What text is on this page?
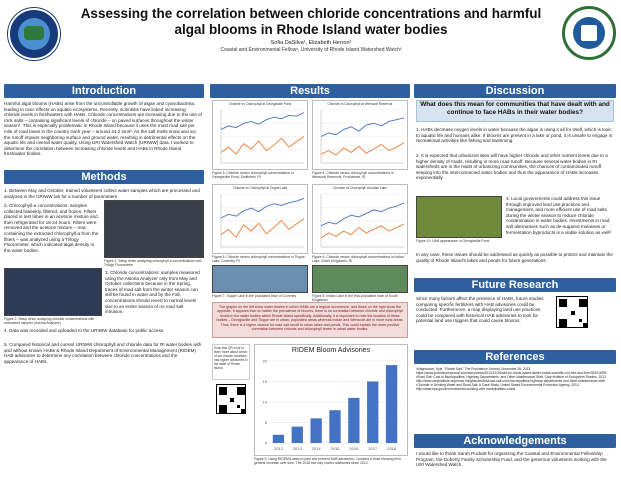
Assessing the correlation between chloride concentrations and harmful algal blooms in Rhode Island water bodies
Sofia DaSilva¹, Elizabeth Herron²
Coastal and Environmental Fellow¹, University of Rhode Island Watershed Watch²
Introduction
Harmful algal blooms (HABs) arise from the uncontrollable growth of algae and cyanobacteria, leading to toxic effects on aquatic ecosystems. Recently, scientists have linked increasing chloride levels in freshwaters with HABs. Chloride concentrations are increasing due to the use of rock salts – containing significant levels of chloride – on paved surfaces throughout the winter season¹. This is especially problematic in Rhode Island because it uses the most road salt per mile of road lanes in the country each year – around 44.2 tons². As the salt melts snow and ice, the runoff impairs neighboring surface and ground water, resulting in detrimental effects on the aquatic life and overall water quality. Using URI Watershed Watch (URIWW) data, I worked to determine the correlation between increasing chloride levels and HABs in Rhode Island freshwater bodies.
Methods
1. Between May and October, trained volunteers collect water samples which are processed and analyzed in the URIWW lab for a number of parameters.
2. Chlorophyll-a concentrations: samples collected biweekly, filtered, and frozen. Filters placed in test tubes in an acetone mixture and then refrigerated for 18-24 hours. Filters were removed and the acetone mixture – now containing the extracted chlorophyll-a from the filters – was analyzed using a Trilogy Fluorometer, which indicated algal density in the water bodies.
Figure 1: Setup when analyzing chlorophyll-a concentrations with Trilogy Fluorometer
Figure 2: Setup when analyzing chloride concentrations with automated sampler (Astoria Analyzer)
3. Chloride concentrations: samples measured using the Astoria Analyzer only from May and October collections because in the Spring, traces of road salt from the winter season can still be found in water and by the Fall, concentrations should revert to normal levels due to an entire season of no road salt intrusion.
4. Data was recorded and uploaded to the URIWW database for public access.
5. Compared historical and current URIWW chlorophyll and chloride data for RI water bodies with and without known HABs & Rhode Island Department of Environmental Management (RIDEM) HAB advisories to determine any correlation between chloride concentrations and the appearance of HABs.
Results
Chloride vs Chlorophyll at Georgiaville Pond
Figure 3: Chloride versus chlorophyll concentrations in Georgiaville Pond, Smithfield, RI
Chloride vs Chlorophyll at Wenscott Reservoir
Figure 4: Chloride versus chlorophyll concentrations in Wenscott Reservoir, Providence, RI
Chloride vs Chlorophyll at Tiogue Lake
Figure 5: Chloride versus chlorophyll concentrations in Tiogue Lake, Coventry, RI
Chloride vs Chlorophyll at Indian Lake
Figure 6: Chloride versus chlorophyll concentrations in Indian Lake, South Kingstown, RI
Figure 7: Tiogue Lake in the populated town of Coventry	Figure 8: Indian Lake in the less-populated town of South Kingstown
The graphs on the left show water bodies in which HABs are a regular occurrence, and those on the right show the opposite. It appears that no matter the prevalence of blooms, there is no correlation between chloride and chlorophyll levels in the water bodies within Rhode Island specifically. Additionally, it is important to note the location of these bodies – Georgiaville and Tiogue are in urban, populated areas whereas Indian and Wenscott are in more rural areas. Thus, there is a higher chance for road salt runoff to urban lakes and ponds. This could explain the more positive correlation between chloride and chlorophyll levels in urban water bodies.
Scan this QR code to learn more about which of our chosen locations had higher advisories in the state of Rhode Island.
RIDEM Bloom Advisories
20
15
10
5
0
2012 2013 2014 2015 2016 2017 2018
Figure 9: Using RIDEM's data on past and present HAB advisories, I created a chart showing their general increase over time. The 2018 bar only covers advisories since 2012.
Discussion
What does this mean for communities that have dealt with and continue to face HABs in their water bodies?
1. HABs decrease oxygen levels in water because the algae is using it all for itself, which is toxic to aquatic life and humans alike. If blooms are present in a lake or pond, it is unsafe to engage in recreational activities like fishing and swimming.
2. It is expected that urbanized sites will have higher chloride and other nutrient levels due to a higher density of roads, resulting in more road runoff. Because several water bodies in RI watersheds are in the midst of urbanizing communities, the chances of contaminated runoff seeping into the interconnected water bodies and thus the appearance of HABs increases exponentially.
Figure 10: HAB appearance in Georgiaville Pond
3. Local governments could address this issue through improved land use practices and management, and more efficient use of road salts during the winter season to reduce chloride contamination in water bodies. Investments in road salt alternatives such as de-sugared molasses or fermentation byproducts is a viable solution as well³.
In any case, these issues should be addressed as quickly as possible to protect and maintain the quality of Rhode Island's lakes and ponds for future generations.
Future Research
Since many factors affect the presence of HABs, future studies comparing specific fertilizers with HAB advisories could be conducted. Furthermore, a map displaying land use practices could be compared with historical HAB advisories to look for potential land use triggers that could cause blooms.
References
¹Magnusson, Kyle. "Rhode Salt." The Providence Journal, November 26, 2013. https://www.providencejournal.com/story/news/2013/11/26/salt-for-rhode-island-winter-roads-scientific-not-free-and-free/35191699/. ²Road Salt: Cost to Municipalities, Highway Departments, and Other Maintenance Staff. Cary Institute of Ecosystem Studies, 2013. http://www.caryinstitute.org/news-insights/articles/road-salt-cost-municipalities-highway-departments-and-other-maintenance-staff. ³Chloride in Drinking Water and Road Salt: A Case Study. United States Environmental Protection Agency, 2010. http://www.epa.gov/environmental-working-with-municipalities-roads.
Acknowledgements
I would like to thank Sarah Puckett for organizing the Coastal and Environmental Fellowship Program, the Doherty Family Scholarship Fund, and the generous volunteers working with the URI Watershed Watch.
